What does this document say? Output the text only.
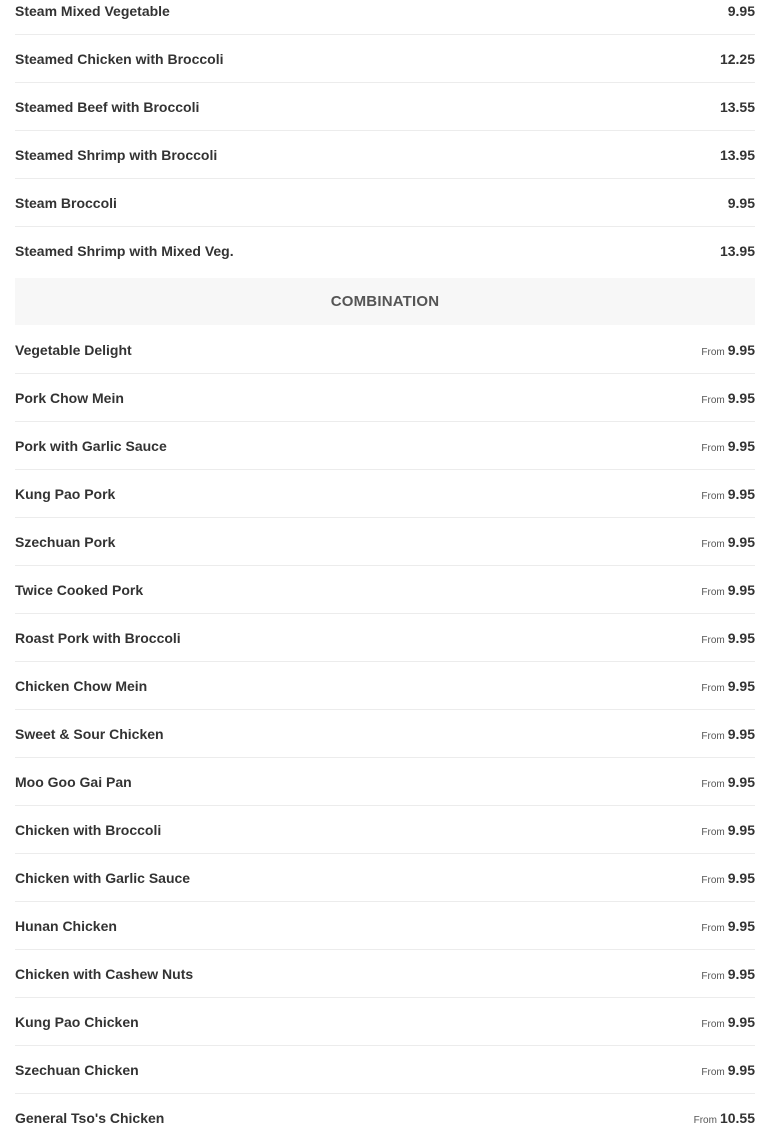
Steam Mixed Vegetable	9.95
Steamed Chicken with Broccoli	12.25
Steamed Beef with Broccoli	13.55
Steamed Shrimp with Broccoli	13.95
Steam Broccoli	9.95
Steamed Shrimp with Mixed Veg.	13.95
COMBINATION
Vegetable Delight	From 9.95
Pork Chow Mein	From 9.95
Pork with Garlic Sauce	From 9.95
Kung Pao Pork	From 9.95
Szechuan Pork	From 9.95
Twice Cooked Pork	From 9.95
Roast Pork with Broccoli	From 9.95
Chicken Chow Mein	From 9.95
Sweet & Sour Chicken	From 9.95
Moo Goo Gai Pan	From 9.95
Chicken with Broccoli	From 9.95
Chicken with Garlic Sauce	From 9.95
Hunan Chicken	From 9.95
Chicken with Cashew Nuts	From 9.95
Kung Pao Chicken	From 9.95
Szechuan Chicken	From 9.95
General Tso's Chicken	From 10.55
